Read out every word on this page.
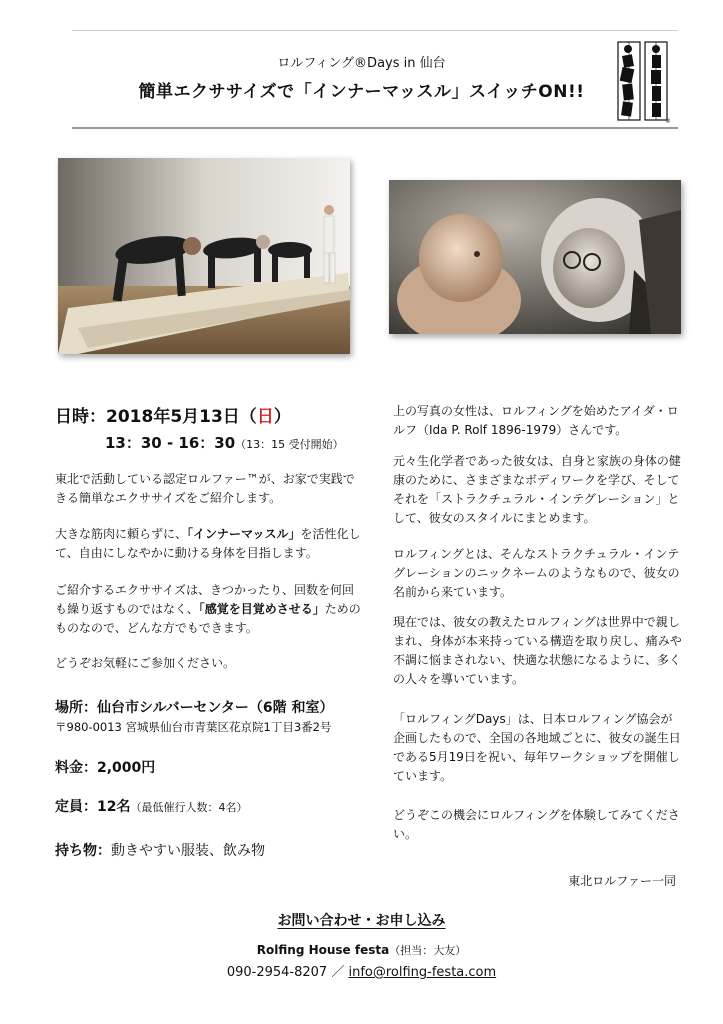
ロルフィング®Days in 仙台
簡単エクササイズで「インナーマッスル」スイッチON!!
®
日時：2018年5月13日（日）
13：30 - 16：30（13：15 受付開始）
東北で活動している認定ロルファー™が、お家で実践できる簡単なエクササイズをご紹介します。
大きな筋肉に頼らずに、「インナーマッスル」を活性化して、自由にしなやかに動ける身体を目指します。
ご紹介するエクササイズは、きつかったり、回数を何回も繰り返すものではなく、「感覚を目覚めさせる」ためのものなので、どんな方でもできます。
どうぞお気軽にご参加ください。
場所：仙台市シルバーセンター（6階 和室）
〒980-0013 宮城県仙台市青葉区花京院1丁目3番2号
料金：2,000円
定員：12名（最低催行人数：4名）
持ち物：動きやすい服装、飲み物
上の写真の女性は、ロルフィングを始めたアイダ・ロルフ（Ida P. Rolf 1896-1979）さんです。
元々生化学者であった彼女は、自身と家族の身体の健康のために、さまざまなボディワークを学び、そしてそれを「ストラクチュラル・インテグレーション」として、彼女のスタイルにまとめます。
ロルフィングとは、そんなストラクチュラル・インテグレーションのニックネームのようなもので、彼女の名前から来ています。
現在では、彼女の教えたロルフィングは世界中で親しまれ、身体が本来持っている構造を取り戻し、痛みや不調に悩まされない、快適な状態になるように、多くの人々を導いています。
「ロルフィングDays」は、日本ロルフィング協会が企画したもので、全国の各地域ごとに、彼女の誕生日である5月19日を祝い、毎年ワークショップを開催しています。
どうぞこの機会にロルフィングを体験してみてください。
東北ロルファー一同
お問い合わせ・お申し込み
Rolfing House festa（担当：大友）
090-2954-8207 ／ info@rolfing-festa.com
